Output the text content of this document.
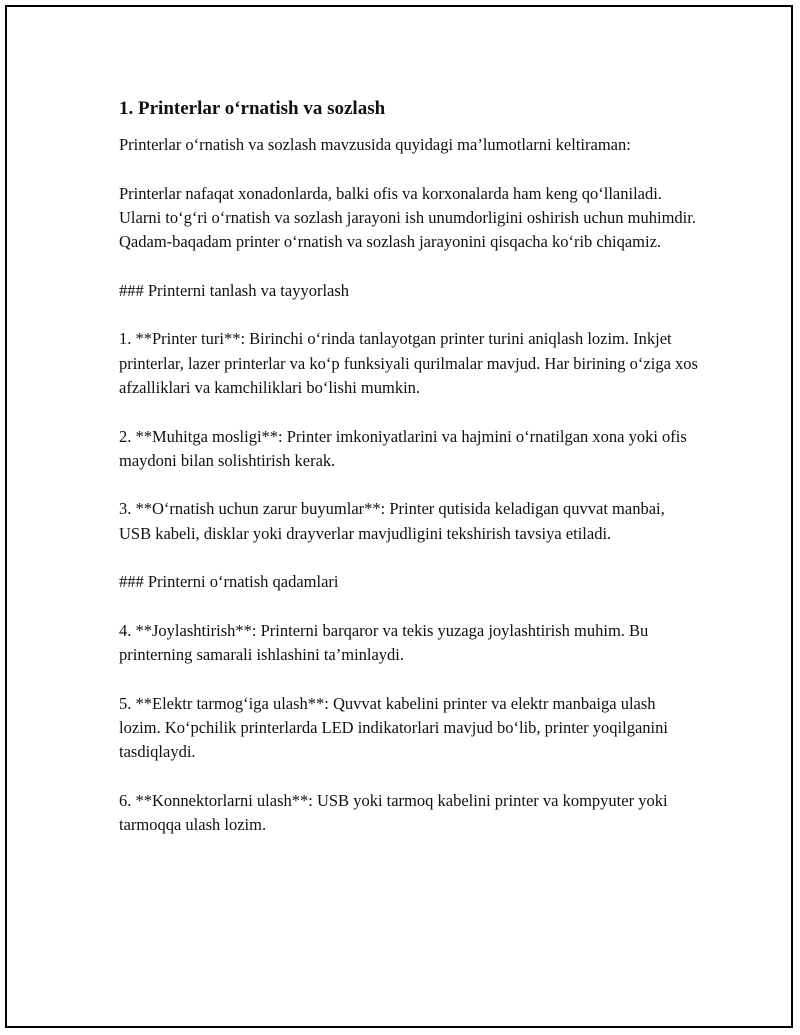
1. Printerlar o‘rnatish va sozlash

Printerlar o‘rnatish va sozlash mavzusida quyidagi ma’lumotlarni keltiraman:

Printerlar nafaqat xonadonlarda, balki ofis va korxonalarda ham keng qo‘llaniladi. Ularni to‘g‘ri o‘rnatish va sozlash jarayoni ish unumdorligini oshirish uchun muhimdir. Qadam-baqadam printer o‘rnatish va sozlash jarayonini qisqacha ko‘rib chiqamiz.

### Printerni tanlash va tayyorlash

1. **Printer turi**: Birinchi o‘rinda tanlayotgan printer turini aniqlash lozim. Inkjet printerlar, lazer printerlar va ko‘p funksiyali qurilmalar mavjud. Har birining o‘ziga xos afzalliklari va kamchiliklari bo‘lishi mumkin.

2. **Muhitga mosligi**: Printer imkoniyatlarini va hajmini o‘rnatilgan xona yoki ofis maydoni bilan solishtirish kerak.

3. **O‘rnatish uchun zarur buyumlar**: Printer qutisida keladigan quvvat manbai, USB kabeli, disklar yoki drayverlar mavjudligini tekshirish tavsiya etiladi.

### Printerni o‘rnatish qadamlari

4. **Joylashtirish**: Printerni barqaror va tekis yuzaga joylashtirish muhim. Bu printerning samarali ishlashini ta’minlaydi.

5. **Elektr tarmog‘iga ulash**: Quvvat kabelini printer va elektr manbaiga ulash lozim. Ko‘pchilik printerlarda LED indikatorlari mavjud bo‘lib, printer yoqilganini tasdiqlaydi.

6. **Konnektorlarni ulash**: USB yoki tarmoq kabelini printer va kompyuter yoki tarmoqqa ulash lozim.
